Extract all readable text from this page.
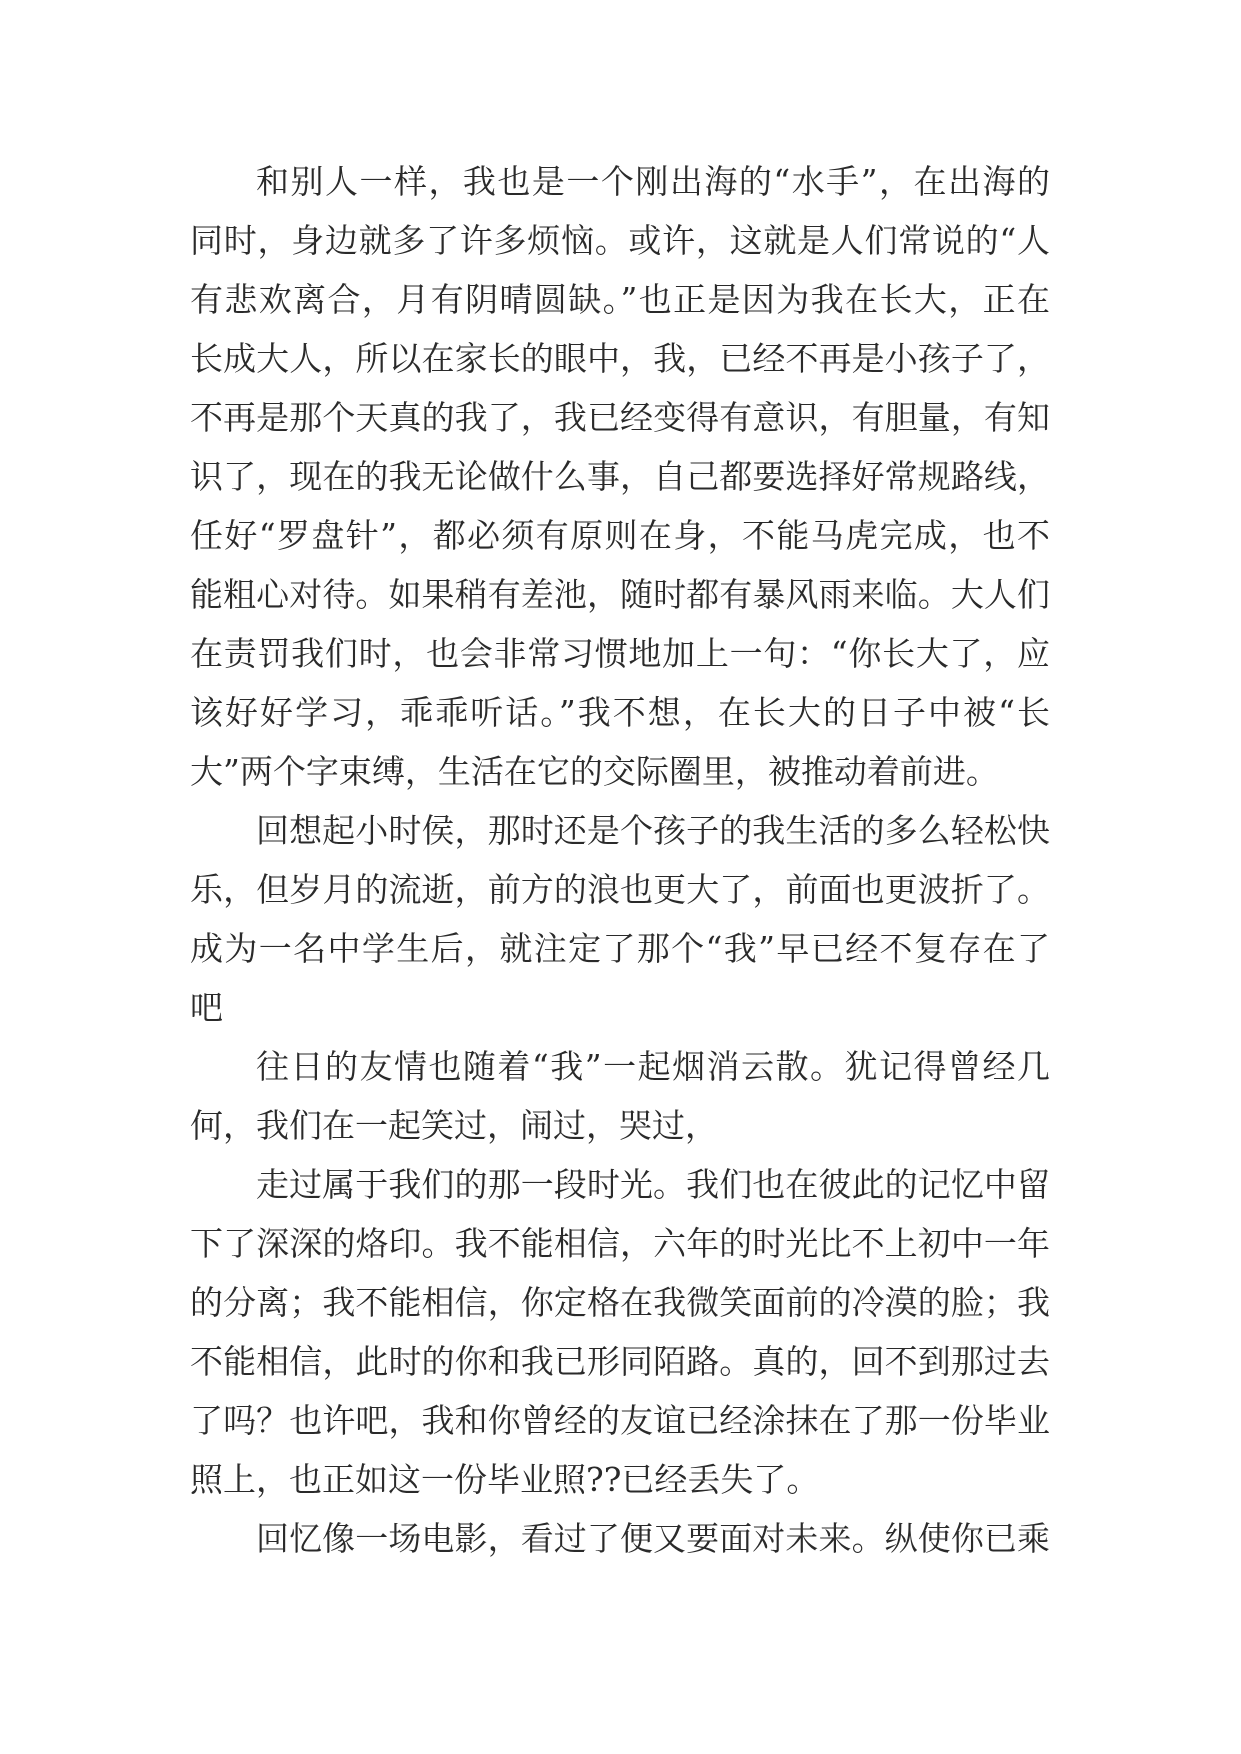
和别人一样，我也是一个刚出海的“水手”，在出海的
同时，身边就多了许多烦恼。或许，这就是人们常说的“人
有悲欢离合，月有阴晴圆缺。”也正是因为我在长大，正在
长成大人，所以在家长的眼中，我，已经不再是小孩子了，
不再是那个天真的我了，我已经变得有意识，有胆量，有知
识了，现在的我无论做什么事，自己都要选择好常规路线，
任好“罗盘针”，都必须有原则在身，不能马虎完成，也不
能粗心对待。如果稍有差池，随时都有暴风雨来临。大人们
在责罚我们时，也会非常习惯地加上一句：“你长大了，应
该好好学习，乖乖听话。”我不想，在长大的日子中被“长
大”两个字束缚，生活在它的交际圈里，被推动着前进。
回想起小时侯，那时还是个孩子的我生活的多么轻松快
乐，但岁月的流逝，前方的浪也更大了，前面也更波折了。
成为一名中学生后，就注定了那个“我”早已经不复存在了
吧
往日的友情也随着“我”一起烟消云散。犹记得曾经几
何，我们在一起笑过，闹过，哭过，
走过属于我们的那一段时光。我们也在彼此的记忆中留
下了深深的烙印。我不能相信，六年的时光比不上初中一年
的分离；我不能相信，你定格在我微笑面前的冷漠的脸；我
不能相信，此时的你和我已形同陌路。真的，回不到那过去
了吗？也许吧，我和你曾经的友谊已经涂抹在了那一份毕业
照上，也正如这一份毕业照??已经丢失了。
回忆像一场电影，看过了便又要面对未来。纵使你已乘
